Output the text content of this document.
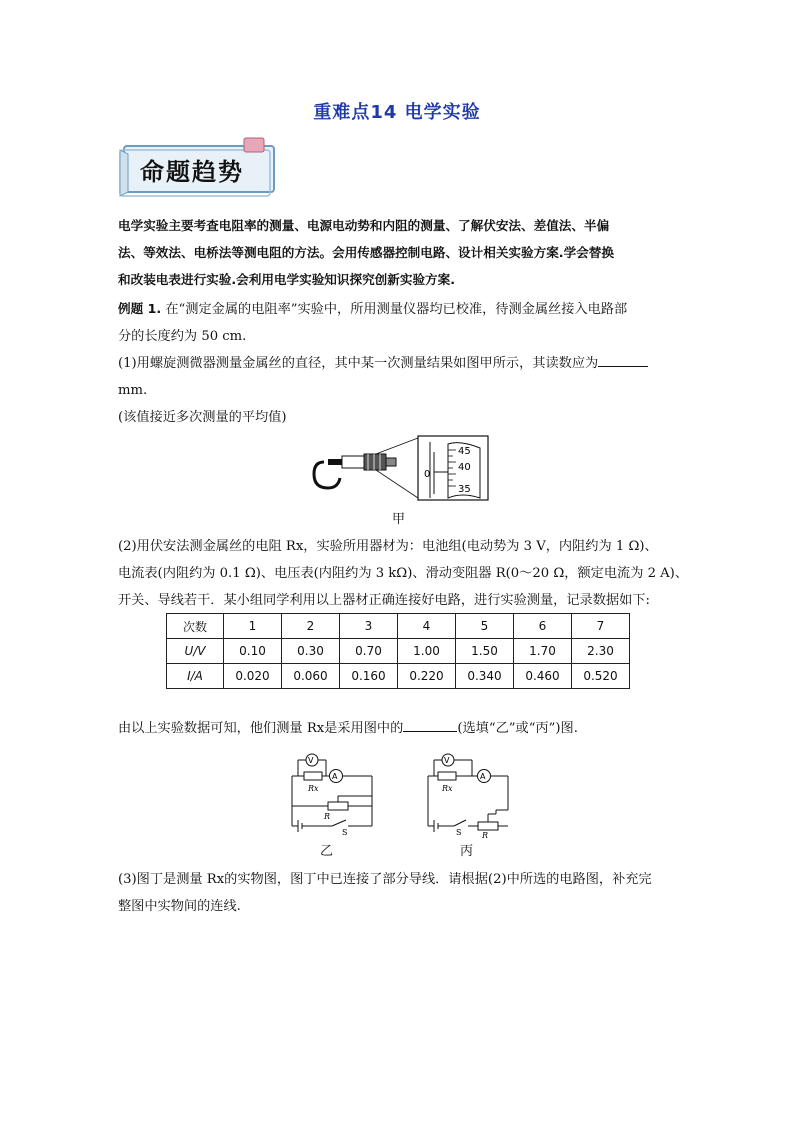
重难点14 电学实验
命题趋势
电学实验主要考查电阻率的测量、电源电动势和内阻的测量、了解伏安法、差值法、半偏
法、等效法、电桥法等测电阻的方法。会用传感器控制电路、设计相关实验方案.学会替换
和改装电表进行实验.会利用电学实验知识探究创新实验方案.
例题 1. 在“测定金属的电阻率”实验中，所用测量仪器均已校准，待测金属丝接入电路部
分的长度约为 50 cm.
(1)用螺旋测微器测量金属丝的直径，其中某一次测量结果如图甲所示，其读数应为
mm.
(该值接近多次测量的平均值)
45
40
35
0
甲
(2)用伏安法测金属丝的电阻 Rx，实验所用器材为：电池组(电动势为 3 V，内阻约为 1 Ω)、
电流表(内阻约为 0.1 Ω)、电压表(内阻约为 3 kΩ)、滑动变阻器 R(0～20 Ω，额定电流为 2 A)、
开关、导线若干．某小组同学利用以上器材正确连接好电路，进行实验测量，记录数据如下:
次数	1	2	3	4	5	6	7
U/V	0.10	0.30	0.70	1.00	1.50	1.70	2.30
I/A	0.020	0.060	0.160	0.220	0.340	0.460	0.520
由以上实验数据可知，他们测量 Rx是采用图中的	(选填“乙”或“丙”)图.
V
A
Rx
R
S
乙
V
A
Rx
R
S
丙
(3)图丁是测量 Rx的实物图，图丁中已连接了部分导线．请根据(2)中所选的电路图，补充完
整图中实物间的连线.
